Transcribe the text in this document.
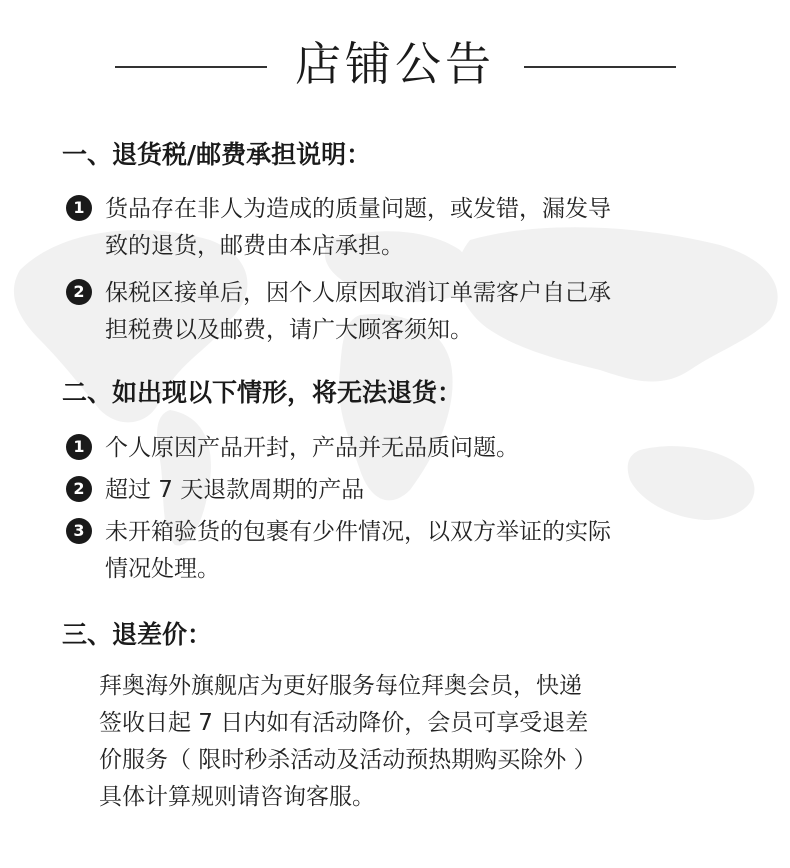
店铺公告
一、退货税/邮费承担说明：
1 货品存在非人为造成的质量问题，或发错，漏发导
致的退货，邮费由本店承担。
2 保税区接单后，因个人原因取消订单需客户自己承
担税费以及邮费，请广大顾客须知。
二、如出现以下情形，将无法退货：
1 个人原因产品开封，产品并无品质问题。
2 超过 7 天退款周期的产品
3 未开箱验货的包裹有少件情况，以双方举证的实际
情况处理。
三、退差价：
拜奥海外旗舰店为更好服务每位拜奥会员，快递
签收日起 7 日内如有活动降价，会员可享受退差
价服务（ 限时秒杀活动及活动预热期购买除外 ）
具体计算规则请咨询客服。
